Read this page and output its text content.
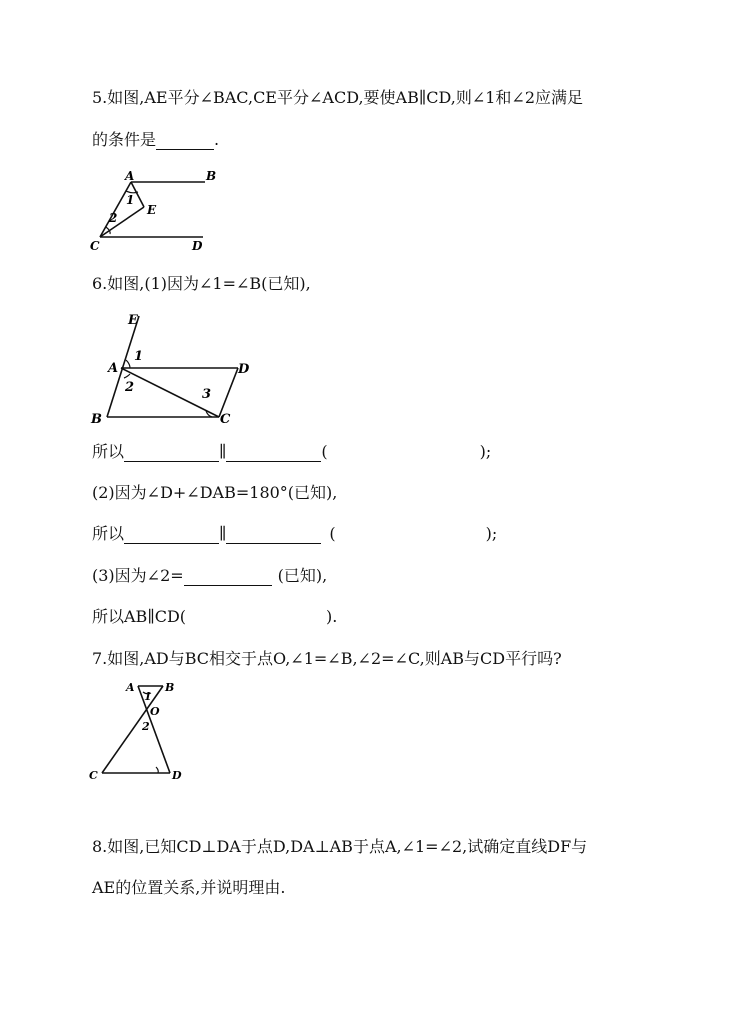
5.如图,AE平分∠BAC,CE平分∠ACD,要使AB∥CD,则∠1和∠2应满足
的条件是	.
A	B
C	D
E
1
2
6.如图,(1)因为∠1=∠B(已知),
E
A	D
B	C
1
2	3
所以	∥	(	);
(2)因为∠D+∠DAB=180°(已知),
所以	∥	(	);
(3)因为∠2=	(已知),
所以AB∥CD(	).
7.如图,AD与BC相交于点O,∠1=∠B,∠2=∠C,则AB与CD平行吗?
A	B
O
1
2
C	D
8.如图,已知CD⊥DA于点D,DA⊥AB于点A,∠1=∠2,试确定直线DF与
AE的位置关系,并说明理由.
